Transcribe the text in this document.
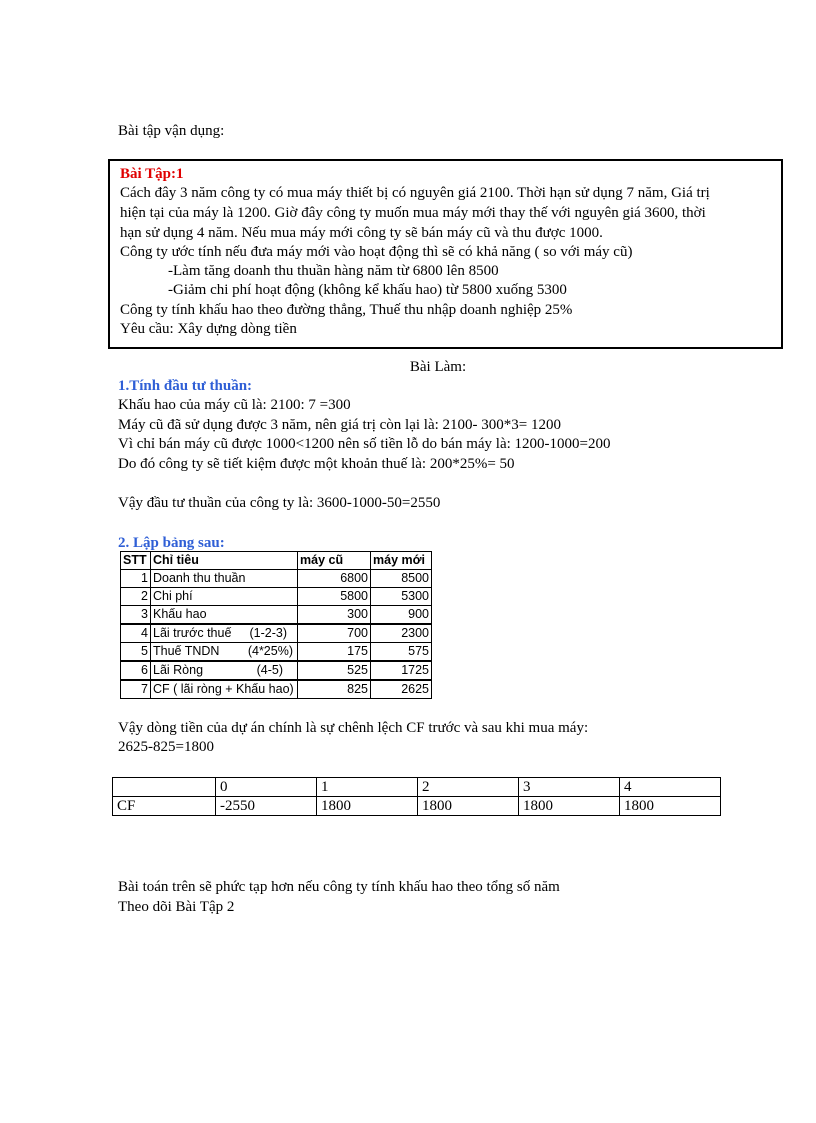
Bài tập vận dụng:
Bài Tập:1
Cách đây 3 năm công ty có mua máy thiết bị có nguyên giá 2100. Thời hạn sử dụng 7 năm, Giá trị
hiện tại của máy là 1200. Giờ đây công ty muốn mua máy mới thay thế với nguyên giá 3600, thời
hạn sử dụng 4 năm. Nếu mua máy mới công ty sẽ bán máy cũ và thu được 1000.
Công ty ước tính nếu đưa máy mới vào hoạt động thì sẽ có khả năng ( so với máy cũ)
-Làm tăng doanh thu thuần hàng năm từ 6800 lên 8500
-Giảm chi phí hoạt động (không kể khấu hao) từ 5800 xuống 5300
Công ty tính khấu hao theo đường thẳng, Thuế thu nhập doanh nghiệp 25%
Yêu cầu: Xây dựng dòng tiền
Bài Làm:
1.Tính đầu tư thuần:
Khấu hao của máy cũ là: 2100: 7 =300
Máy cũ đã sử dụng được 3 năm, nên giá trị còn lại là: 2100- 300*3= 1200
Vì chỉ bán máy cũ được 1000<1200 nên số tiền lỗ do bán máy là: 1200-1000=200
Do đó công ty sẽ tiết kiệm được một khoản thuế là: 200*25%= 50
Vậy đầu tư thuần của công ty là: 3600-1000-50=2550
2. Lập bảng sau:
STT	Chỉ tiêu	máy cũ	máy mới
1	Doanh thu thuần	6800	8500
2	Chi phí	5800	5300
3	Khấu hao	300	900
4	Lãi trước thuế (1-2-3)	700	2300
5	Thuế TNDN (4*25%)	175	575
6	Lãi Ròng (4-5)	525	1725
7	CF ( lãi ròng + Khấu hao)	825	2625
Vậy dòng tiền của dự án chính là sự chênh lệch CF trước và sau khi mua máy:
2625-825=1800
	0	1	2	3	4
CF	-2550	1800	1800	1800	1800
Bài toán trên sẽ phức tạp hơn nếu công ty tính khấu hao theo tổng số năm
Theo dõi Bài Tập 2
